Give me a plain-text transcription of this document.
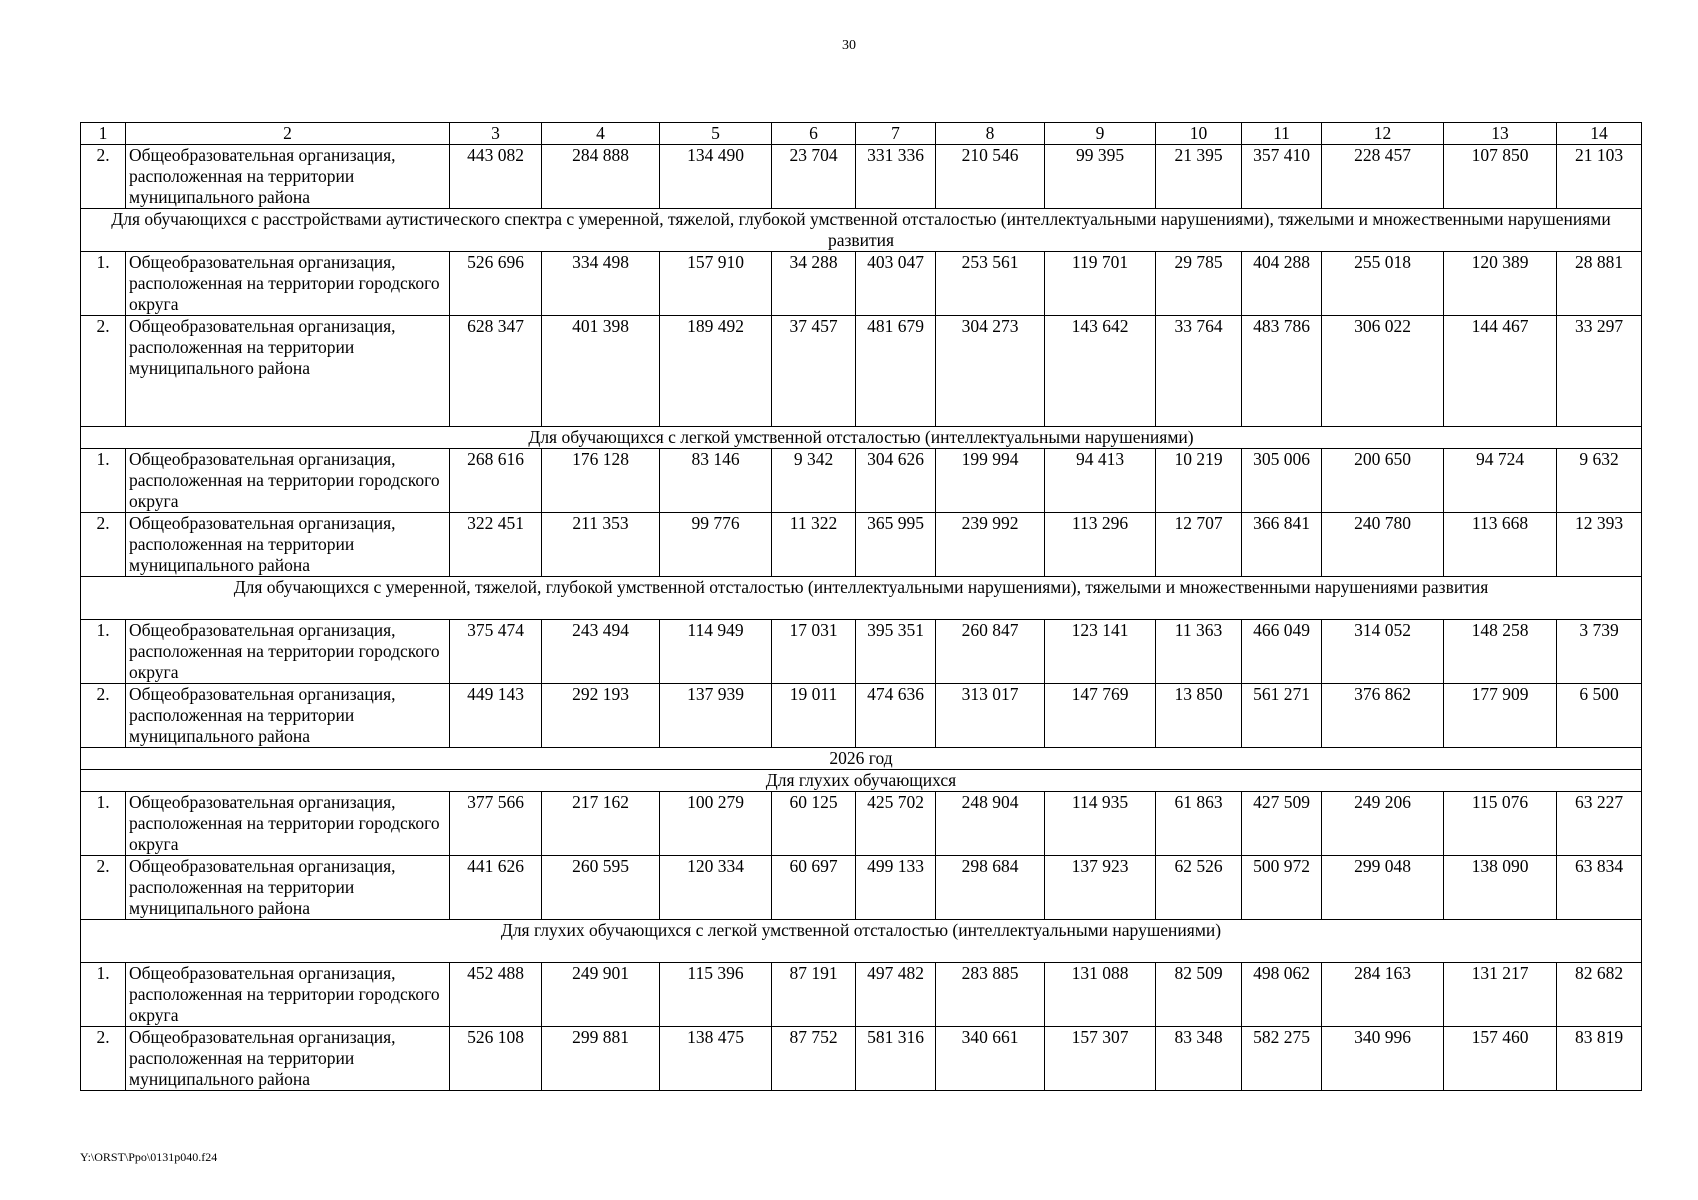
30
1	2	3	4	5	6	7	8	9	10	11	12	13	14
2.	Общеобразовательная организация, расположенная на территории муниципального района	443 082	284 888	134 490	23 704	331 336	210 546	99 395	21 395	357 410	228 457	107 850	21 103
Для обучающихся с расстройствами аутистического спектра с умеренной, тяжелой, глубокой умственной отсталостью (интеллектуальными нарушениями), тяжелыми и множественными нарушениями развития													
1.	Общеобразовательная организация, расположенная на территории городского округа	526 696	334 498	157 910	34 288	403 047	253 561	119 701	29 785	404 288	255 018	120 389	28 881
2.	Общеобразовательная организация, расположенная на территории муниципального района	628 347	401 398	189 492	37 457	481 679	304 273	143 642	33 764	483 786	306 022	144 467	33 297
Для обучающихся с легкой умственной отсталостью (интеллектуальными нарушениями)													
1.	Общеобразовательная организация, расположенная на территории городского округа	268 616	176 128	83 146	9 342	304 626	199 994	94 413	10 219	305 006	200 650	94 724	9 632
2.	Общеобразовательная организация, расположенная на территории муниципального района	322 451	211 353	99 776	11 322	365 995	239 992	113 296	12 707	366 841	240 780	113 668	12 393
Для обучающихся с умеренной, тяжелой, глубокой умственной отсталостью (интеллектуальными нарушениями), тяжелыми и множественными нарушениями развития													
1.	Общеобразовательная организация, расположенная на территории городского округа	375 474	243 494	114 949	17 031	395 351	260 847	123 141	11 363	466 049	314 052	148 258	3 739
2.	Общеобразовательная организация, расположенная на территории муниципального района	449 143	292 193	137 939	19 011	474 636	313 017	147 769	13 850	561 271	376 862	177 909	6 500
2026 год													
Для глухих обучающихся													
1.	Общеобразовательная организация, расположенная на территории городского округа	377 566	217 162	100 279	60 125	425 702	248 904	114 935	61 863	427 509	249 206	115 076	63 227
2.	Общеобразовательная организация, расположенная на территории муниципального района	441 626	260 595	120 334	60 697	499 133	298 684	137 923	62 526	500 972	299 048	138 090	63 834
Для глухих обучающихся с легкой умственной отсталостью (интеллектуальными нарушениями)													
1.	Общеобразовательная организация, расположенная на территории городского округа	452 488	249 901	115 396	87 191	497 482	283 885	131 088	82 509	498 062	284 163	131 217	82 682
2.	Общеобразовательная организация, расположенная на территории муниципального района	526 108	299 881	138 475	87 752	581 316	340 661	157 307	83 348	582 275	340 996	157 460	83 819
Y:\ORST\Ppo\0131p040.f24
